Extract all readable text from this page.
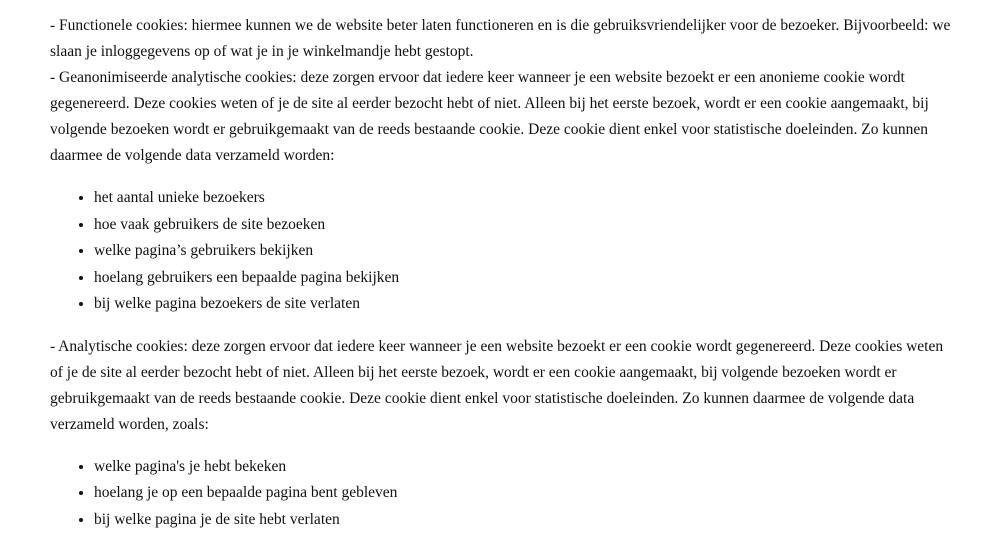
- Functionele cookies: hiermee kunnen we de website beter laten functioneren en is die gebruiksvriendelijker voor de bezoeker. Bijvoorbeeld: we slaan je inloggegevens op of wat je in je winkelmandje hebt gestopt.

- Geanonimiseerde analytische cookies: deze zorgen ervoor dat iedere keer wanneer je een website bezoekt er een anonieme cookie wordt gegenereerd. Deze cookies weten of je de site al eerder bezocht hebt of niet. Alleen bij het eerste bezoek, wordt er een cookie aangemaakt, bij volgende bezoeken wordt er gebruikgemaakt van de reeds bestaande cookie. Deze cookie dient enkel voor statistische doeleinden. Zo kunnen daarmee de volgende data verzameld worden:

• het aantal unieke bezoekers
• hoe vaak gebruikers de site bezoeken
• welke pagina’s gebruikers bekijken
• hoelang gebruikers een bepaalde pagina bekijken
• bij welke pagina bezoekers de site verlaten

- Analytische cookies: deze zorgen ervoor dat iedere keer wanneer je een website bezoekt er een cookie wordt gegenereerd. Deze cookies weten of je de site al eerder bezocht hebt of niet. Alleen bij het eerste bezoek, wordt er een cookie aangemaakt, bij volgende bezoeken wordt er gebruikgemaakt van de reeds bestaande cookie. Deze cookie dient enkel voor statistische doeleinden. Zo kunnen daarmee de volgende data verzameld worden, zoals:

• welke pagina's je hebt bekeken
• hoelang je op een bepaalde pagina bent gebleven
• bij welke pagina je de site hebt verlaten
